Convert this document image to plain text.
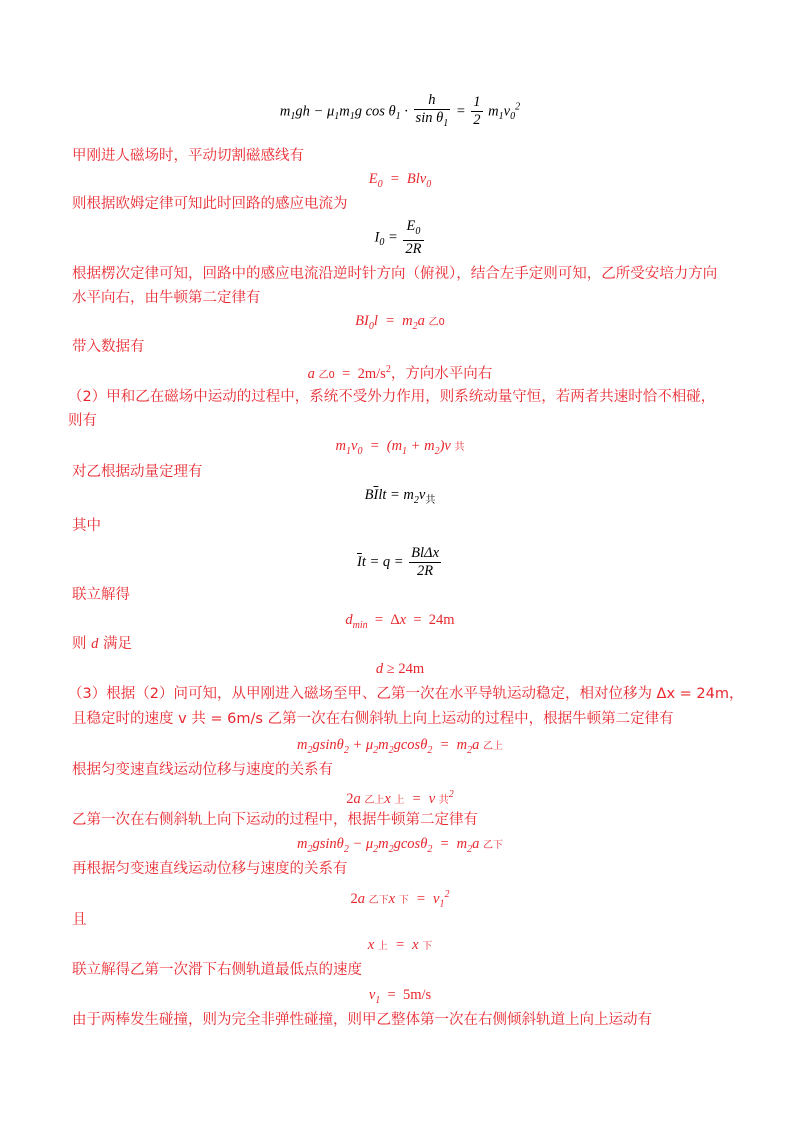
$m_1gh - \mu_1m_1g$ $\cos \theta_1 \cdot \frac{h}{\sin \theta_1} = \frac{1}{2} m_1v_0^2$
甲刚进人磁场时，平动切割磁感线有
$E_0 = Blv_0$
则根据欧姆定律可知此时回路的感应电流为
$I_0 = \frac{E_0}{2R}$
根据楞次定律可知，回路中的感应电流沿逆时针方向（俯视），结合左手定则可知，乙所受安培力方向水平向右，由牛顿第二定律有
$BI_0l = m_2a$ 乙0
带入数据有
a 乙$0 = 2m/s^2$，方向水平向右
（2）甲和乙在磁场中运动的过程中，系统不受外力作用，则系统动量守恒，若两者共速时恰不相碰，则有
$m_1v_0 = (m_1 + m_2)v$ 共
对乙根据动量定理有
$B\overline{I}lt = m_2v_共$
其中
$\overline{I}t = q = \frac{\text{BlΔx}}{2R}$
联立解得
$d_{min} = \Delta x = 24m$
则 d 满足
d ≥ 24m
（3）根据（2）问可知，从甲刚进入磁场至甲、乙第一次在水平导轨运动稳定，相对位移为 Δx = 24m，
且稳定时的速度 v 共 = 6m/s 乙第一次在右侧斜轨上向上运动的过程中，根据牛顿第二定律有
$m_2gsin\theta_2 + \mu_2m_2gcos\theta_2 = m_2a$ 乙上
根据匀变速直线运动位移与速度的关系有
2a 乙上x 上  =  v 共$^2$
乙第一次在右侧斜轨上向下运动的过程中，根据牛顿第二定律有
$m_2gsin\theta_2 - \mu_2m_2gcos\theta_2 = m_2a$ 乙下
再根据匀变速直线运动位移与速度的关系有
2a 乙下x 下  =  $v_1^2$
且
x 上  =  x 下
联立解得乙第一次滑下右侧轨道最低点的速度
$v_1 = 5m/s$
由于两棒发生碰撞，则为完全非弹性碰撞，则甲乙整体第一次在右侧倾斜轨道上向上运动有
